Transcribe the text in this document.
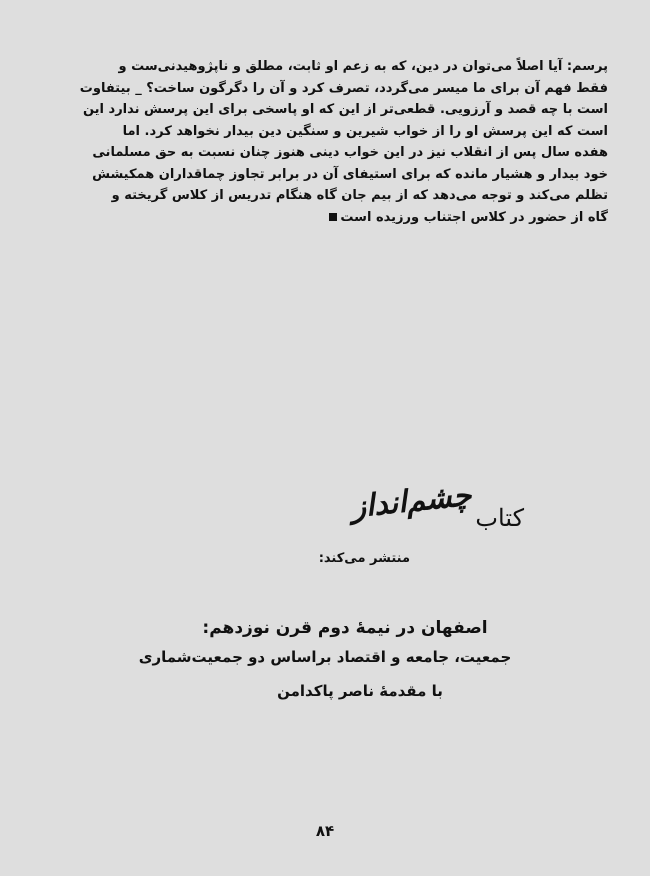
پرسم: آیا اصلاً می‌توان در دین، که به زعم او ثابت، مطلق و ناپژوهیدنی‌ست و

فقط فهم آن برای ما میسر می‌گردد، تصرف کرد و آن را دگرگون ساخت؟ _ بیتفاوت

است با چه قصد و آرزویی. قطعی‌تر از این که او پاسخی برای این پرسش ندارد این

است که این پرسش او را از خواب شیرین و سنگین دین بیدار نخواهد کرد. اما

هفده سال پس از انقلاب نیز در این خواب دینی هنوز چنان نسبت به حق مسلمانی

خود بیدار و هشیار مانده که برای استیفای آن در برابر تجاوز چماقداران همکیشش

تظلم می‌کند و توجه می‌دهد که از بیم جان گاه هنگام تدریس از کلاس گریخته و

گاه از حضور در کلاس اجتناب ورزیده است

کتاب
چشم‌انداز
منتشر می‌کند:
اصفهان در نیمهٔ دوم قرن نوزدهم:
جمعیت، جامعه و اقتصاد براساس دو جمعیت‌شماری
با مقدمهٔ ناصر پاکدامن
۸۴
